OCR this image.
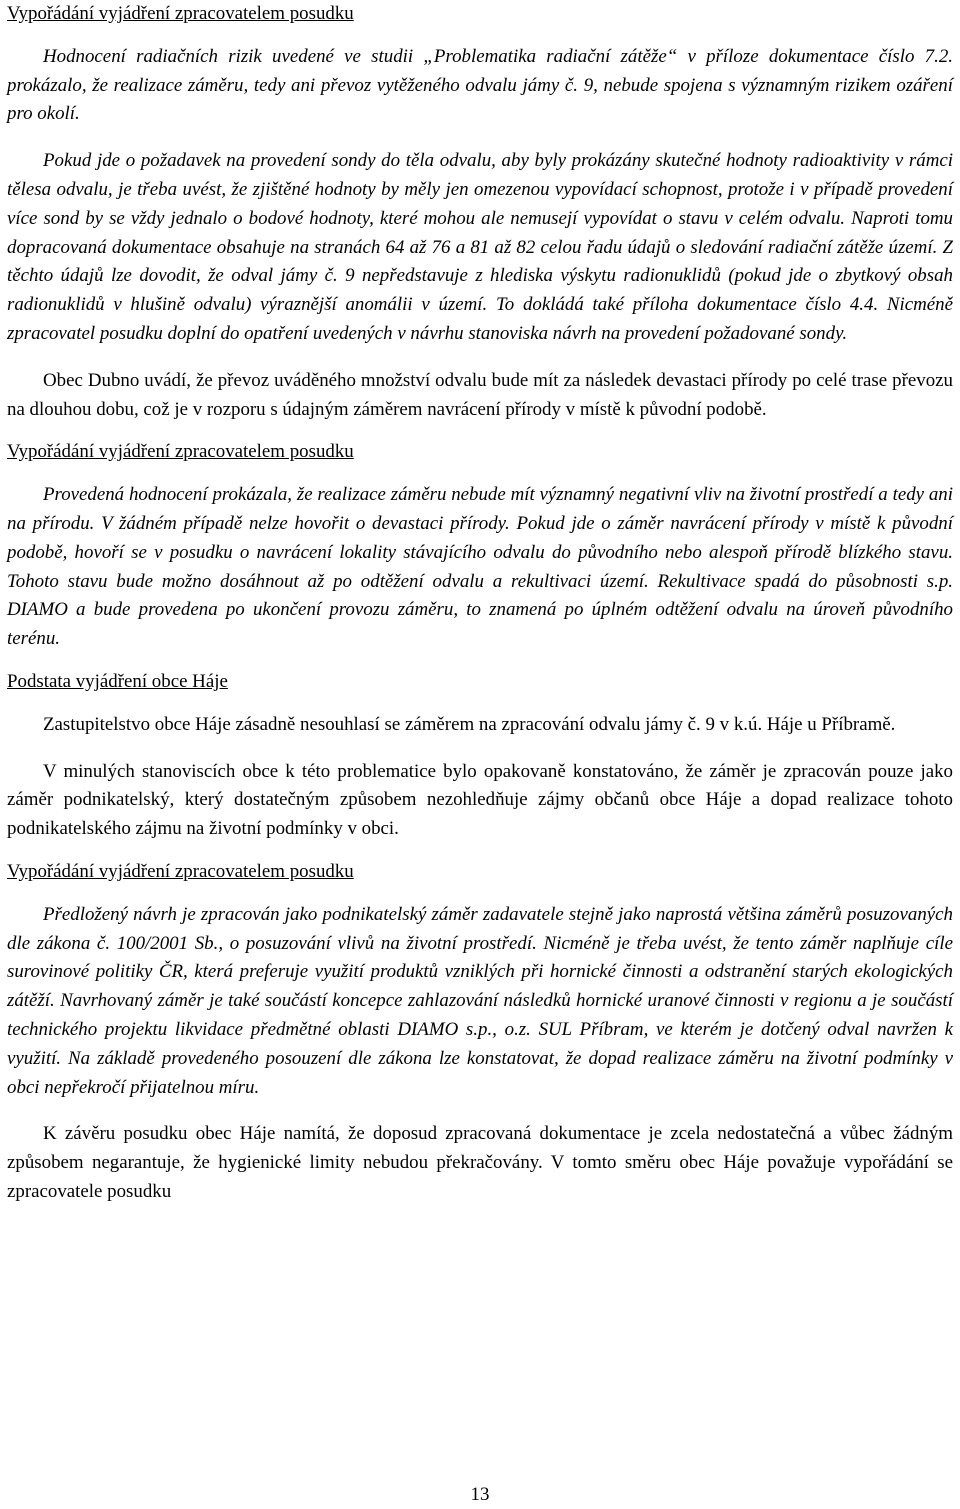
Vypořádání vyjádření zpracovatelem posudku

Hodnocení radiačních rizik uvedené ve studii „Problematika radiační zátěže“ v příloze dokumentace číslo 7.2. prokázalo, že realizace záměru, tedy ani převoz vytěženého odvalu jámy č. 9, nebude spojena s významným rizikem ozáření pro okolí.

Pokud jde o požadavek na provedení sondy do těla odvalu, aby byly prokázány skutečné hodnoty radioaktivity v rámci tělesa odvalu, je třeba uvést, že zjištěné hodnoty by měly jen omezenou vypovídací schopnost, protože i v případě provedení více sond by se vždy jednalo o bodové hodnoty, které mohou ale nemusejí vypovídat o stavu v celém odvalu. Naproti tomu dopracovaná dokumentace obsahuje na stranách 64 až 76 a 81 až 82 celou řadu údajů o sledování radiační zátěže území. Z těchto údajů lze dovodit, že odval jámy č. 9 nepředstavuje z hlediska výskytu radionuklidů (pokud jde o zbytkový obsah radionuklidů v hlušině odvalu) výraznější anomálii v území. To dokládá také příloha dokumentace číslo 4.4. Nicméně zpracovatel posudku doplní do opatření uvedených v návrhu stanoviska návrh na provedení požadované sondy.

Obec Dubno uvádí, že převoz uváděného množství odvalu bude mít za následek devastaci přírody po celé trase převozu na dlouhou dobu, což je v rozporu s údajným záměrem navrácení přírody v místě k původní podobě.

Vypořádání vyjádření zpracovatelem posudku

Provedená hodnocení prokázala, že realizace záměru nebude mít významný negativní vliv na životní prostředí a tedy ani na přírodu. V žádném případě nelze hovořit o devastaci přírody. Pokud jde o záměr navrácení přírody v místě k původní podobě, hovoří se v posudku o navrácení lokality stávajícího odvalu do původního nebo alespoň přírodě blízkého stavu. Tohoto stavu bude možno dosáhnout až po odtěžení odvalu a rekultivaci území. Rekultivace spadá do působnosti s.p. DIAMO a bude provedena po ukončení provozu záměru, to znamená po úplném odtěžení odvalu na úroveň původního terénu.

Podstata vyjádření obce Háje

Zastupitelstvo obce Háje zásadně nesouhlasí se záměrem na zpracování odvalu jámy č. 9 v k.ú. Háje u Příbramě.

V minulých stanoviscích obce k této problematice bylo opakovaně konstatováno, že záměr je zpracován pouze jako záměr podnikatelský, který dostatečným způsobem nezohledňuje zájmy občanů obce Háje a dopad realizace tohoto podnikatelského zájmu na životní podmínky v obci.

Vypořádání vyjádření zpracovatelem posudku

Předložený návrh je zpracován jako podnikatelský záměr zadavatele stejně jako naprostá většina záměrů posuzovaných dle zákona č. 100/2001 Sb., o posuzování vlivů na životní prostředí. Nicméně je třeba uvést, že tento záměr naplňuje cíle surovinové politiky ČR, která preferuje využití produktů vzniklých při hornické činnosti a odstranění starých ekologických zátěží. Navrhovaný záměr je také součástí koncepce zahlazování následků hornické uranové činnosti v regionu a je součástí technického projektu likvidace předmětné oblasti DIAMO s.p., o.z. SUL Příbram, ve kterém je dotčený odval navržen k využití. Na základě provedeného posouzení dle zákona lze konstatovat, že dopad realizace záměru na životní podmínky v obci nepřekročí přijatelnou míru.

K závěru posudku obec Háje namítá, že doposud zpracovaná dokumentace je zcela nedostatečná a vůbec žádným způsobem negarantuje, že hygienické limity nebudou překračovány. V tomto směru obec Háje považuje vypořádání se zpracovatele posudku

13
